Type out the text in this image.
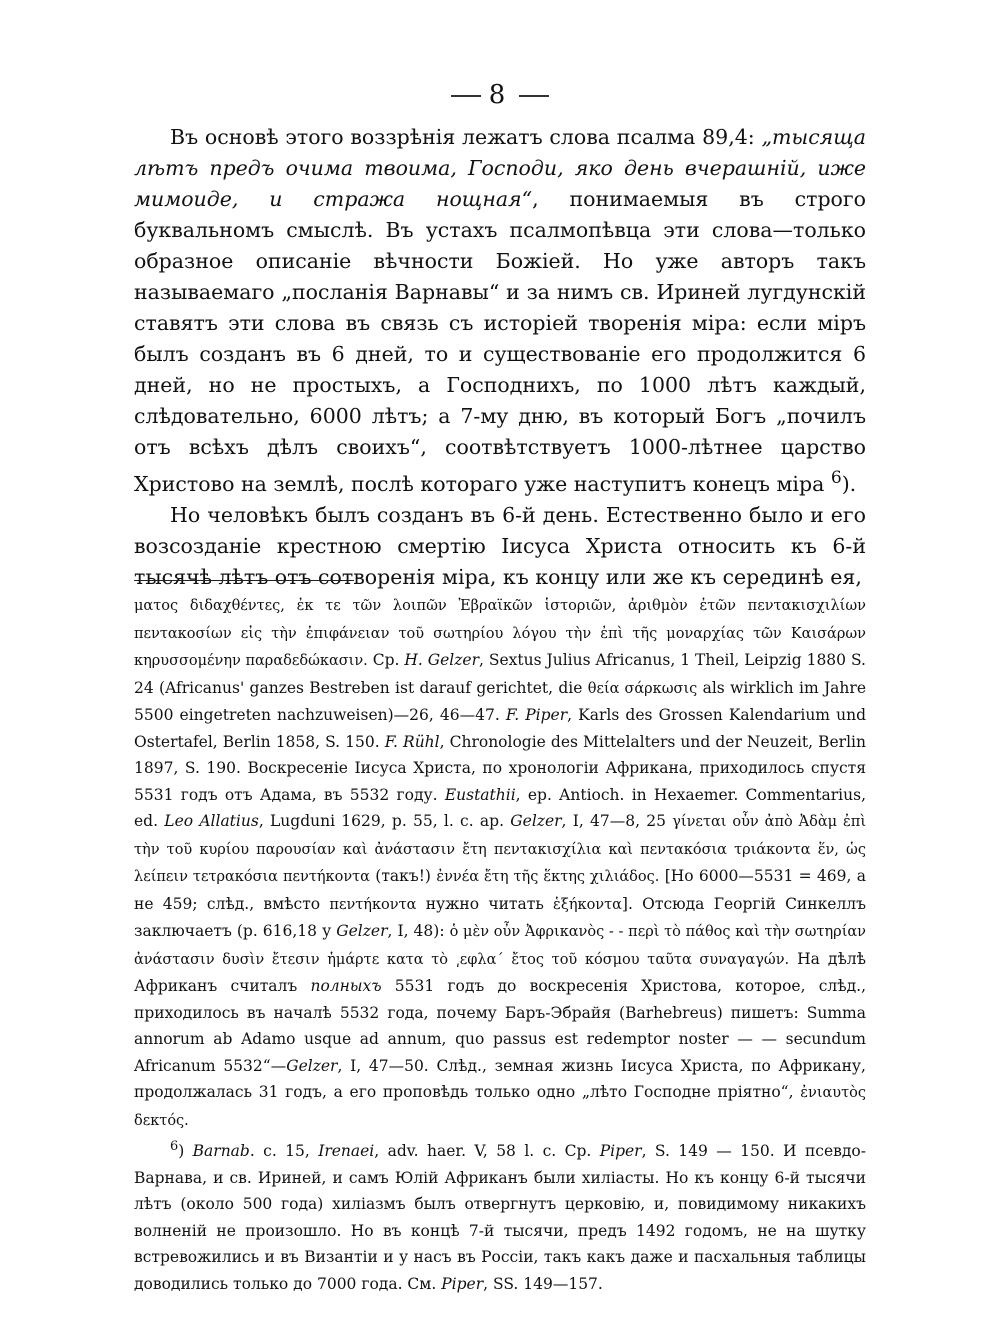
8

Въ основѣ этого воззрѣнія лежатъ слова псалма 89,4: „тысяща лѣтъ предъ очима твоима, Господи, яко день вчерашній, иже мимоиде, и стража нощная“, понимаемыя въ строго буквальномъ смыслѣ. Въ устахъ псалмопѣвца эти слова—только образное описаніе вѣчности Божіей. Но уже авторъ такъ называемаго „посланія Варнавы“ и за нимъ св. Ириней лугдунскій ставятъ эти слова въ связь съ исторіей творенія міра: если міръ былъ созданъ въ 6 дней, то и существованіе его продолжится 6 дней, но не простыхъ, а Господнихъ, по 1000 лѣтъ каждый, слѣдовательно, 6000 лѣтъ; а 7-му дню, въ который Богъ „почилъ отъ всѣхъ дѣлъ своихъ“, соотвѣтствуетъ 1000-лѣтнее царство Христово на землѣ, послѣ котораго уже наступитъ конецъ міра $^6$).

Но человѣкъ былъ созданъ въ 6-й день. Естественно было и его возсозданіе крестною смертію Іисуса Христа относить къ 6-й тысячѣ лѣтъ отъ сотворенія міра, къ концу или же къ серединѣ ея,

ματος διδαχθέντες, ἐκ τε τῶν λοιπῶν Ἑβραϊκῶν ἱστοριῶν, ἀριθμὸν ἐτῶν πεντακισχιλίων πεντακοσίων εἰς τὴν ἐπιφάνειαν τοῦ σωτηρίου λόγου τὴν ἐπὶ τῆς μοναρχίας τῶν Καισάρων κηρυσσομένην παραδεδώκασιν. Cp. H. Gelzer, Sextus Julius Africanus, 1 Theil, Leipzig 1880 S. 24 (Africanus' ganzes Bestreben ist darauf gerichtet, die θεία σάρκωσις als wirklich im Jahre 5500 eingetreten nachzuweisen)—26, 46—47. F. Piper, Karls des Grossen Kalendarium und Ostertafel, Berlin 1858, S. 150. F. Rühl, Chronologie des Mittelalters und der Neuzeit, Berlin 1897, S. 190. Воскресеніе Іисуса Христа, по хронологіи Африкана, приходилось спустя 5531 годъ отъ Адама, въ 5532 году. Eustathii, ep. Antioch. in Hexaemer. Commentarius, ed. Leo Allatius, Lugduni 1629, p. 55, l. c. ap. Gelzer, I, 47—8, 25 γίνεται οὖν ἀπὸ Ἀδὰμ ἐπὶ τὴν τοῦ κυρίου παρουσίαν καὶ ἀνάστασιν ἔτη πεντακισχίλια καὶ πεντακόσια τριάκοντα ἕν, ὡς λείπειν τετρακόσια πεντήκοντα (такъ!) ἐννέα ἔτη τῆς ἕκτης χιλιάδος. [Но 6000—5531 = 469, а не 459; слѣд., вмѣсто πεντήκοντα нужно читать ἑξήκοντα]. Отсюда Георгій Синкеллъ заключаетъ (р. 616,18 у Gelzer, I, 48): ὁ μὲν οὖν Ἀφρικανὸς - - περὶ τὸ πάθος καὶ τὴν σωτηρίαν ἀνάστασιν δυσὶν ἔτεσιν ἡμάρτε κατα τὸ ͵εφλα´ ἔτος τοῦ κόσμου ταῦτα συναγαγών. На дѣлѣ Африканъ считалъ полныхъ 5531 годъ до воскресенія Христова, которое, слѣд., приходилось въ началѣ 5532 года, почему Баръ-Эбрайя (Barhebreus) пишетъ: Summa annorum ab Adamo usque ad annum, quo passus est redemptor noster — — secundum Africanum 5532“—Gelzer, I, 47—50. Слѣд., земная жизнь Іисуса Христа, по Африкану, продолжалась 31 годъ, а его проповѣдь только одно „лѣто Господне пріятно“, ἐνιαυτὸς δεκτός.

$^6$) Barnab. c. 15, Irenaei, adv. haer. V, 58 l. c. Cp. Piper, S. 149 — 150. И псевдо-Варнава, и св. Ириней, и самъ Юлій Африканъ были хиліасты. Но къ концу 6-й тысячи лѣтъ (около 500 года) хиліазмъ былъ отвергнутъ церковію, и, повидимому никакихъ волненій не произошло. Но въ концѣ 7-й тысячи, предъ 1492 годомъ, не на шутку встревожились и въ Византіи и у насъ въ Россіи, такъ какъ даже и пасхальныя таблицы доводились только до 7000 года. См. Piper, SS. 149—157.
